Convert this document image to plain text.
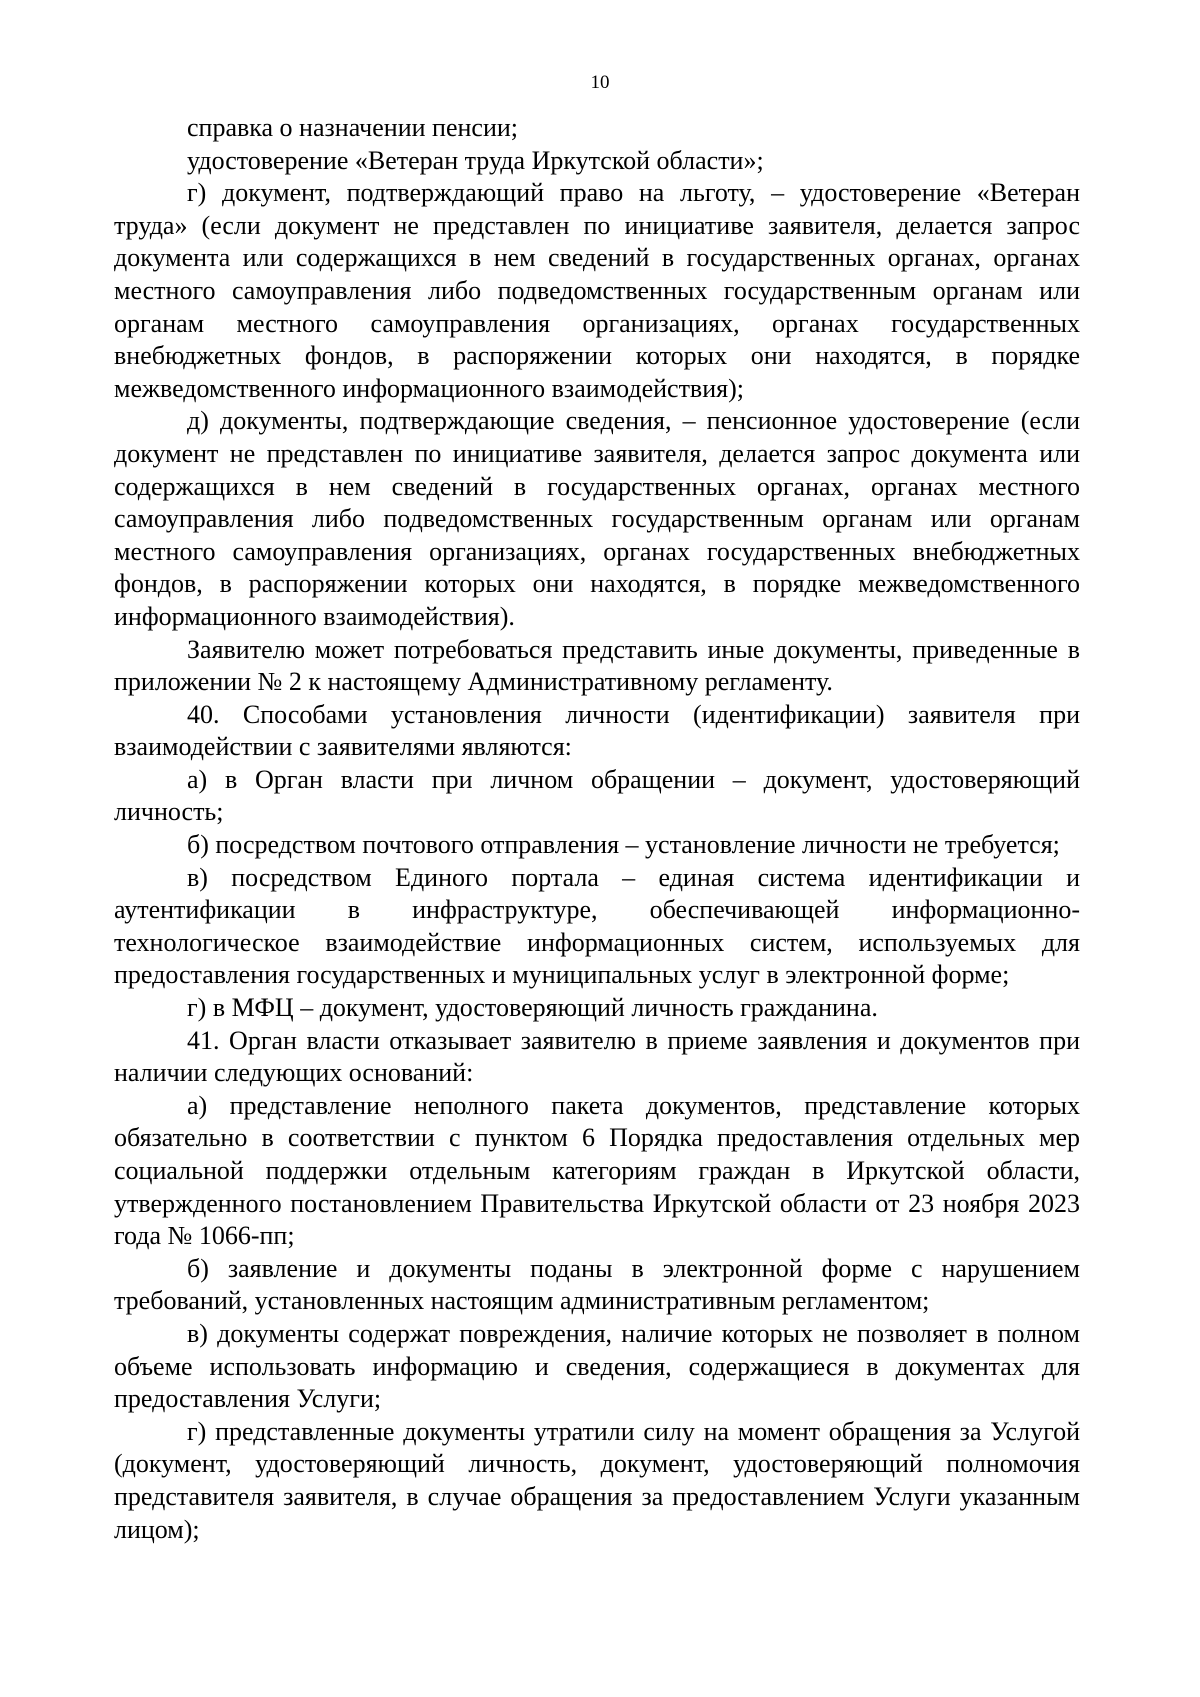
10

справка о назначении пенсии;

удостоверение «Ветеран труда Иркутской области»;

г) документ, подтверждающий право на льготу, – удостоверение «Ветеран труда» (если документ не представлен по инициативе заявителя, делается запрос документа или содержащихся в нем сведений в государственных органах, органах местного самоуправления либо подведомственных государственным органам или органам местного самоуправления организациях, органах государственных внебюджетных фондов, в распоряжении которых они находятся, в порядке межведомственного информационного взаимодействия);

д) документы, подтверждающие сведения, – пенсионное удостоверение (если документ не представлен по инициативе заявителя, делается запрос документа или содержащихся в нем сведений в государственных органах, органах местного самоуправления либо подведомственных государственным органам или органам местного самоуправления организациях, органах государственных внебюджетных фондов, в распоряжении которых они находятся, в порядке межведомственного информационного взаимодействия).

Заявителю может потребоваться представить иные документы, приведенные в приложении № 2 к настоящему Административному регламенту.

40. Способами установления личности (идентификации) заявителя при взаимодействии с заявителями являются:

а) в Орган власти при личном обращении – документ, удостоверяющий личность;

б) посредством почтового отправления – установление личности не требуется;

в) посредством Единого портала – единая система идентификации и аутентификации в инфраструктуре, обеспечивающей информационно-технологическое взаимодействие информационных систем, используемых для предоставления государственных и муниципальных услуг в электронной форме;

г) в МФЦ – документ, удостоверяющий личность гражданина.

41. Орган власти отказывает заявителю в приеме заявления и документов при наличии следующих оснований:

а) представление неполного пакета документов, представление которых обязательно в соответствии с пунктом 6 Порядка предоставления отдельных мер социальной поддержки отдельным категориям граждан в Иркутской области, утвержденного постановлением Правительства Иркутской области от 23 ноября 2023 года № 1066-пп;

б) заявление и документы поданы в электронной форме с нарушением требований, установленных настоящим административным регламентом;

в) документы содержат повреждения, наличие которых не позволяет в полном объеме использовать информацию и сведения, содержащиеся в документах для предоставления Услуги;

г) представленные документы утратили силу на момент обращения за Услугой (документ, удостоверяющий личность, документ, удостоверяющий полномочия представителя заявителя, в случае обращения за предоставлением Услуги указанным лицом);
